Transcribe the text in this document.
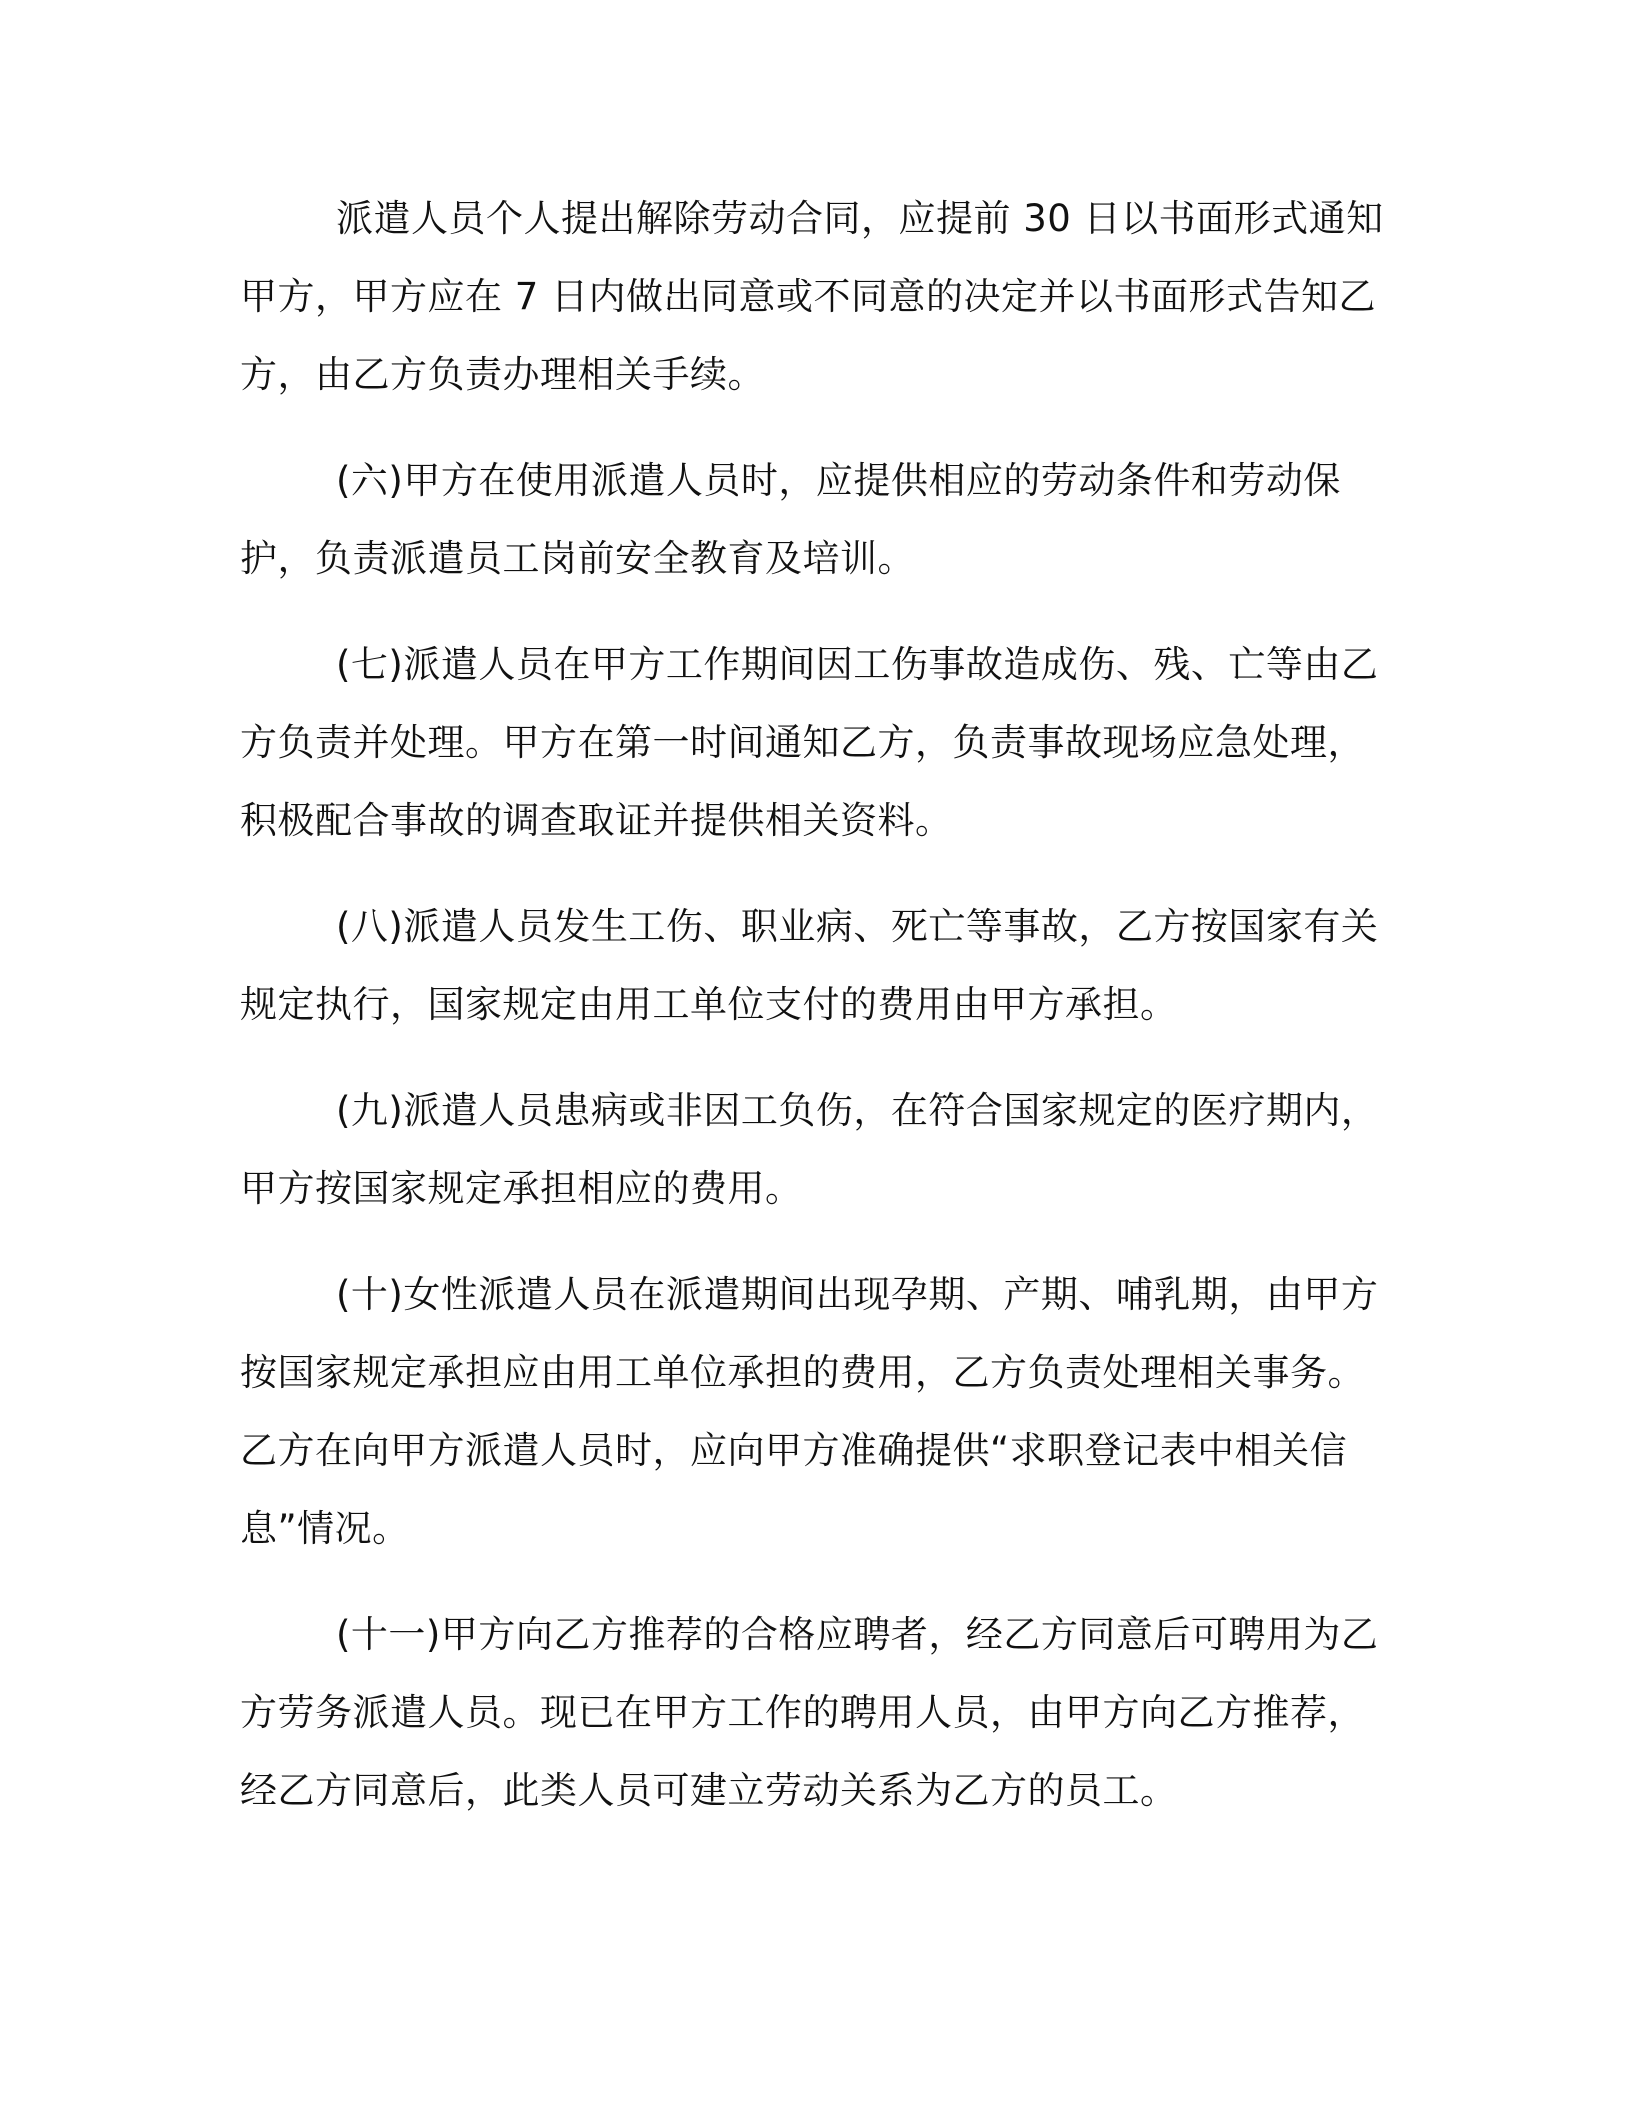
派遣人员个人提出解除劳动合同，应提前 30 日以书面形式通知甲方，甲方应在 7 日内做出同意或不同意的决定并以书面形式告知乙方，由乙方负责办理相关手续。

(六)甲方在使用派遣人员时，应提供相应的劳动条件和劳动保护，负责派遣员工岗前安全教育及培训。

(七)派遣人员在甲方工作期间因工伤事故造成伤、残、亡等由乙方负责并处理。甲方在第一时间通知乙方，负责事故现场应急处理，积极配合事故的调查取证并提供相关资料。

(八)派遣人员发生工伤、职业病、死亡等事故，乙方按国家有关规定执行，国家规定由用工单位支付的费用由甲方承担。

(九)派遣人员患病或非因工负伤，在符合国家规定的医疗期内，甲方按国家规定承担相应的费用。

(十)女性派遣人员在派遣期间出现孕期、产期、哺乳期，由甲方按国家规定承担应由用工单位承担的费用，乙方负责处理相关事务。乙方在向甲方派遣人员时，应向甲方准确提供“求职登记表中相关信息”情况。

(十一)甲方向乙方推荐的合格应聘者，经乙方同意后可聘用为乙方劳务派遣人员。现已在甲方工作的聘用人员，由甲方向乙方推荐，经乙方同意后，此类人员可建立劳动关系为乙方的员工。
